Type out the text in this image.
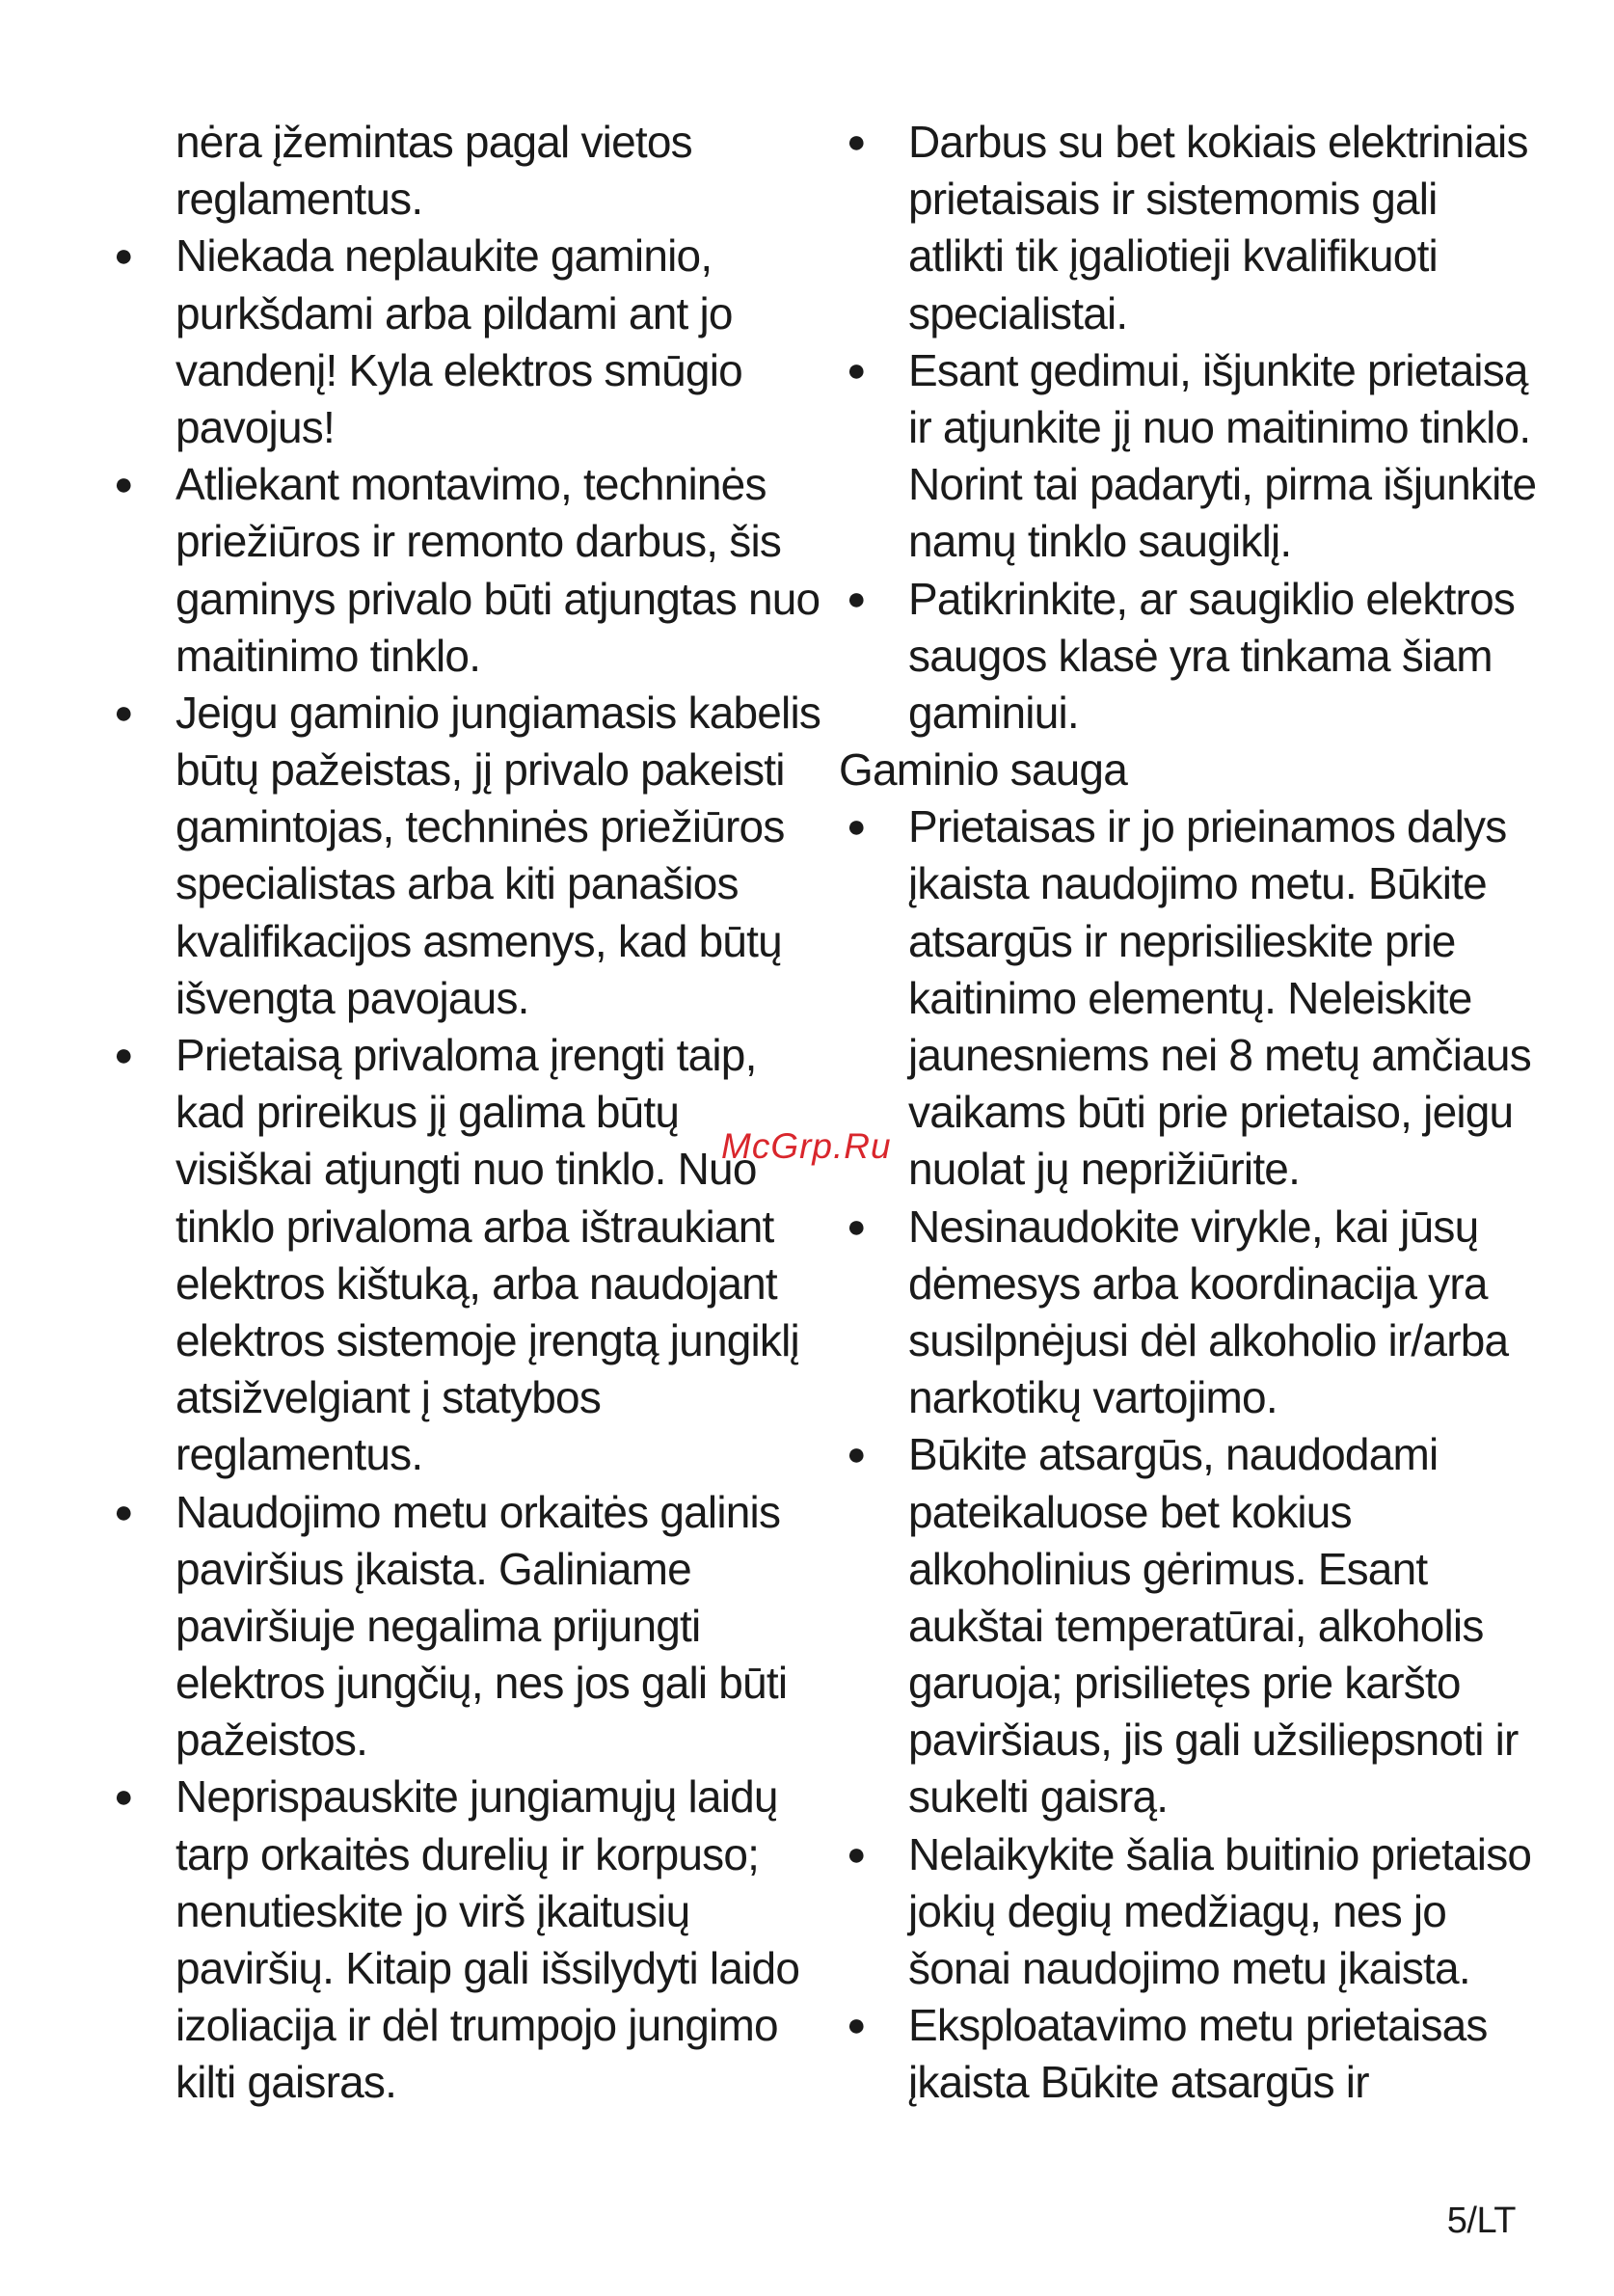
nėra įžemintas pagal vietos
reglamentus.
● Niekada neplaukite gaminio,
purkšdami arba pildami ant jo
vandenį! Kyla elektros smūgio
pavojus!
● Atliekant montavimo, techninės
priežiūros ir remonto darbus, šis
gaminys privalo būti atjungtas nuo
maitinimo tinklo.
● Jeigu gaminio jungiamasis kabelis
būtų pažeistas, jį privalo pakeisti
gamintojas, techninės priežiūros
specialistas arba kiti panašios
kvalifikacijos asmenys, kad būtų
išvengta pavojaus.
● Prietaisą privaloma įrengti taip,
kad prireikus jį galima būtų
visiškai atjungti nuo tinklo. Nuo
tinklo privaloma arba ištraukiant
elektros kištuką, arba naudojant
elektros sistemoje įrengtą jungiklį
atsižvelgiant į statybos
reglamentus.
● Naudojimo metu orkaitės galinis
paviršius įkaista. Galiniame
paviršiuje negalima prijungti
elektros jungčių, nes jos gali būti
pažeistos.
● Neprispauskite jungiamųjų laidų
tarp orkaitės durelių ir korpuso;
nenutieskite jo virš įkaitusių
paviršių. Kitaip gali išsilydyti laido
izoliacija ir dėl trumpojo jungimo
kilti gaisras.
● Darbus su bet kokiais elektriniais
prietaisais ir sistemomis gali
atlikti tik įgaliotieji kvalifikuoti
specialistai.
● Esant gedimui, išjunkite prietaisą
ir atjunkite jį nuo maitinimo tinklo.
Norint tai padaryti, pirma išjunkite
namų tinklo saugiklį.
● Patikrinkite, ar saugiklio elektros
saugos klasė yra tinkama šiam
gaminiui.
Gaminio sauga
● Prietaisas ir jo prieinamos dalys
įkaista naudojimo metu. Būkite
atsargūs ir neprisilieskite prie
kaitinimo elementų. Neleiskite
jaunesniems nei 8 metų amčiaus
vaikams būti prie prietaiso, jeigu
nuolat jų neprižiūrite.
● Nesinaudokite virykle, kai jūsų
dėmesys arba koordinacija yra
susilpnėjusi dėl alkoholio ir/arba
narkotikų vartojimo.
● Būkite atsargūs, naudodami
pateikaluose bet kokius
alkoholinius gėrimus. Esant
aukštai temperatūrai, alkoholis
garuoja; prisilietęs prie karšto
paviršiaus, jis gali užsiliepsnoti ir
sukelti gaisrą.
● Nelaikykite šalia buitinio prietaiso
jokių degių medžiagų, nes jo
šonai naudojimo metu įkaista.
● Eksploatavimo metu prietaisas
įkaista Būkite atsargūs ir
McGrp.Ru
5/LT
